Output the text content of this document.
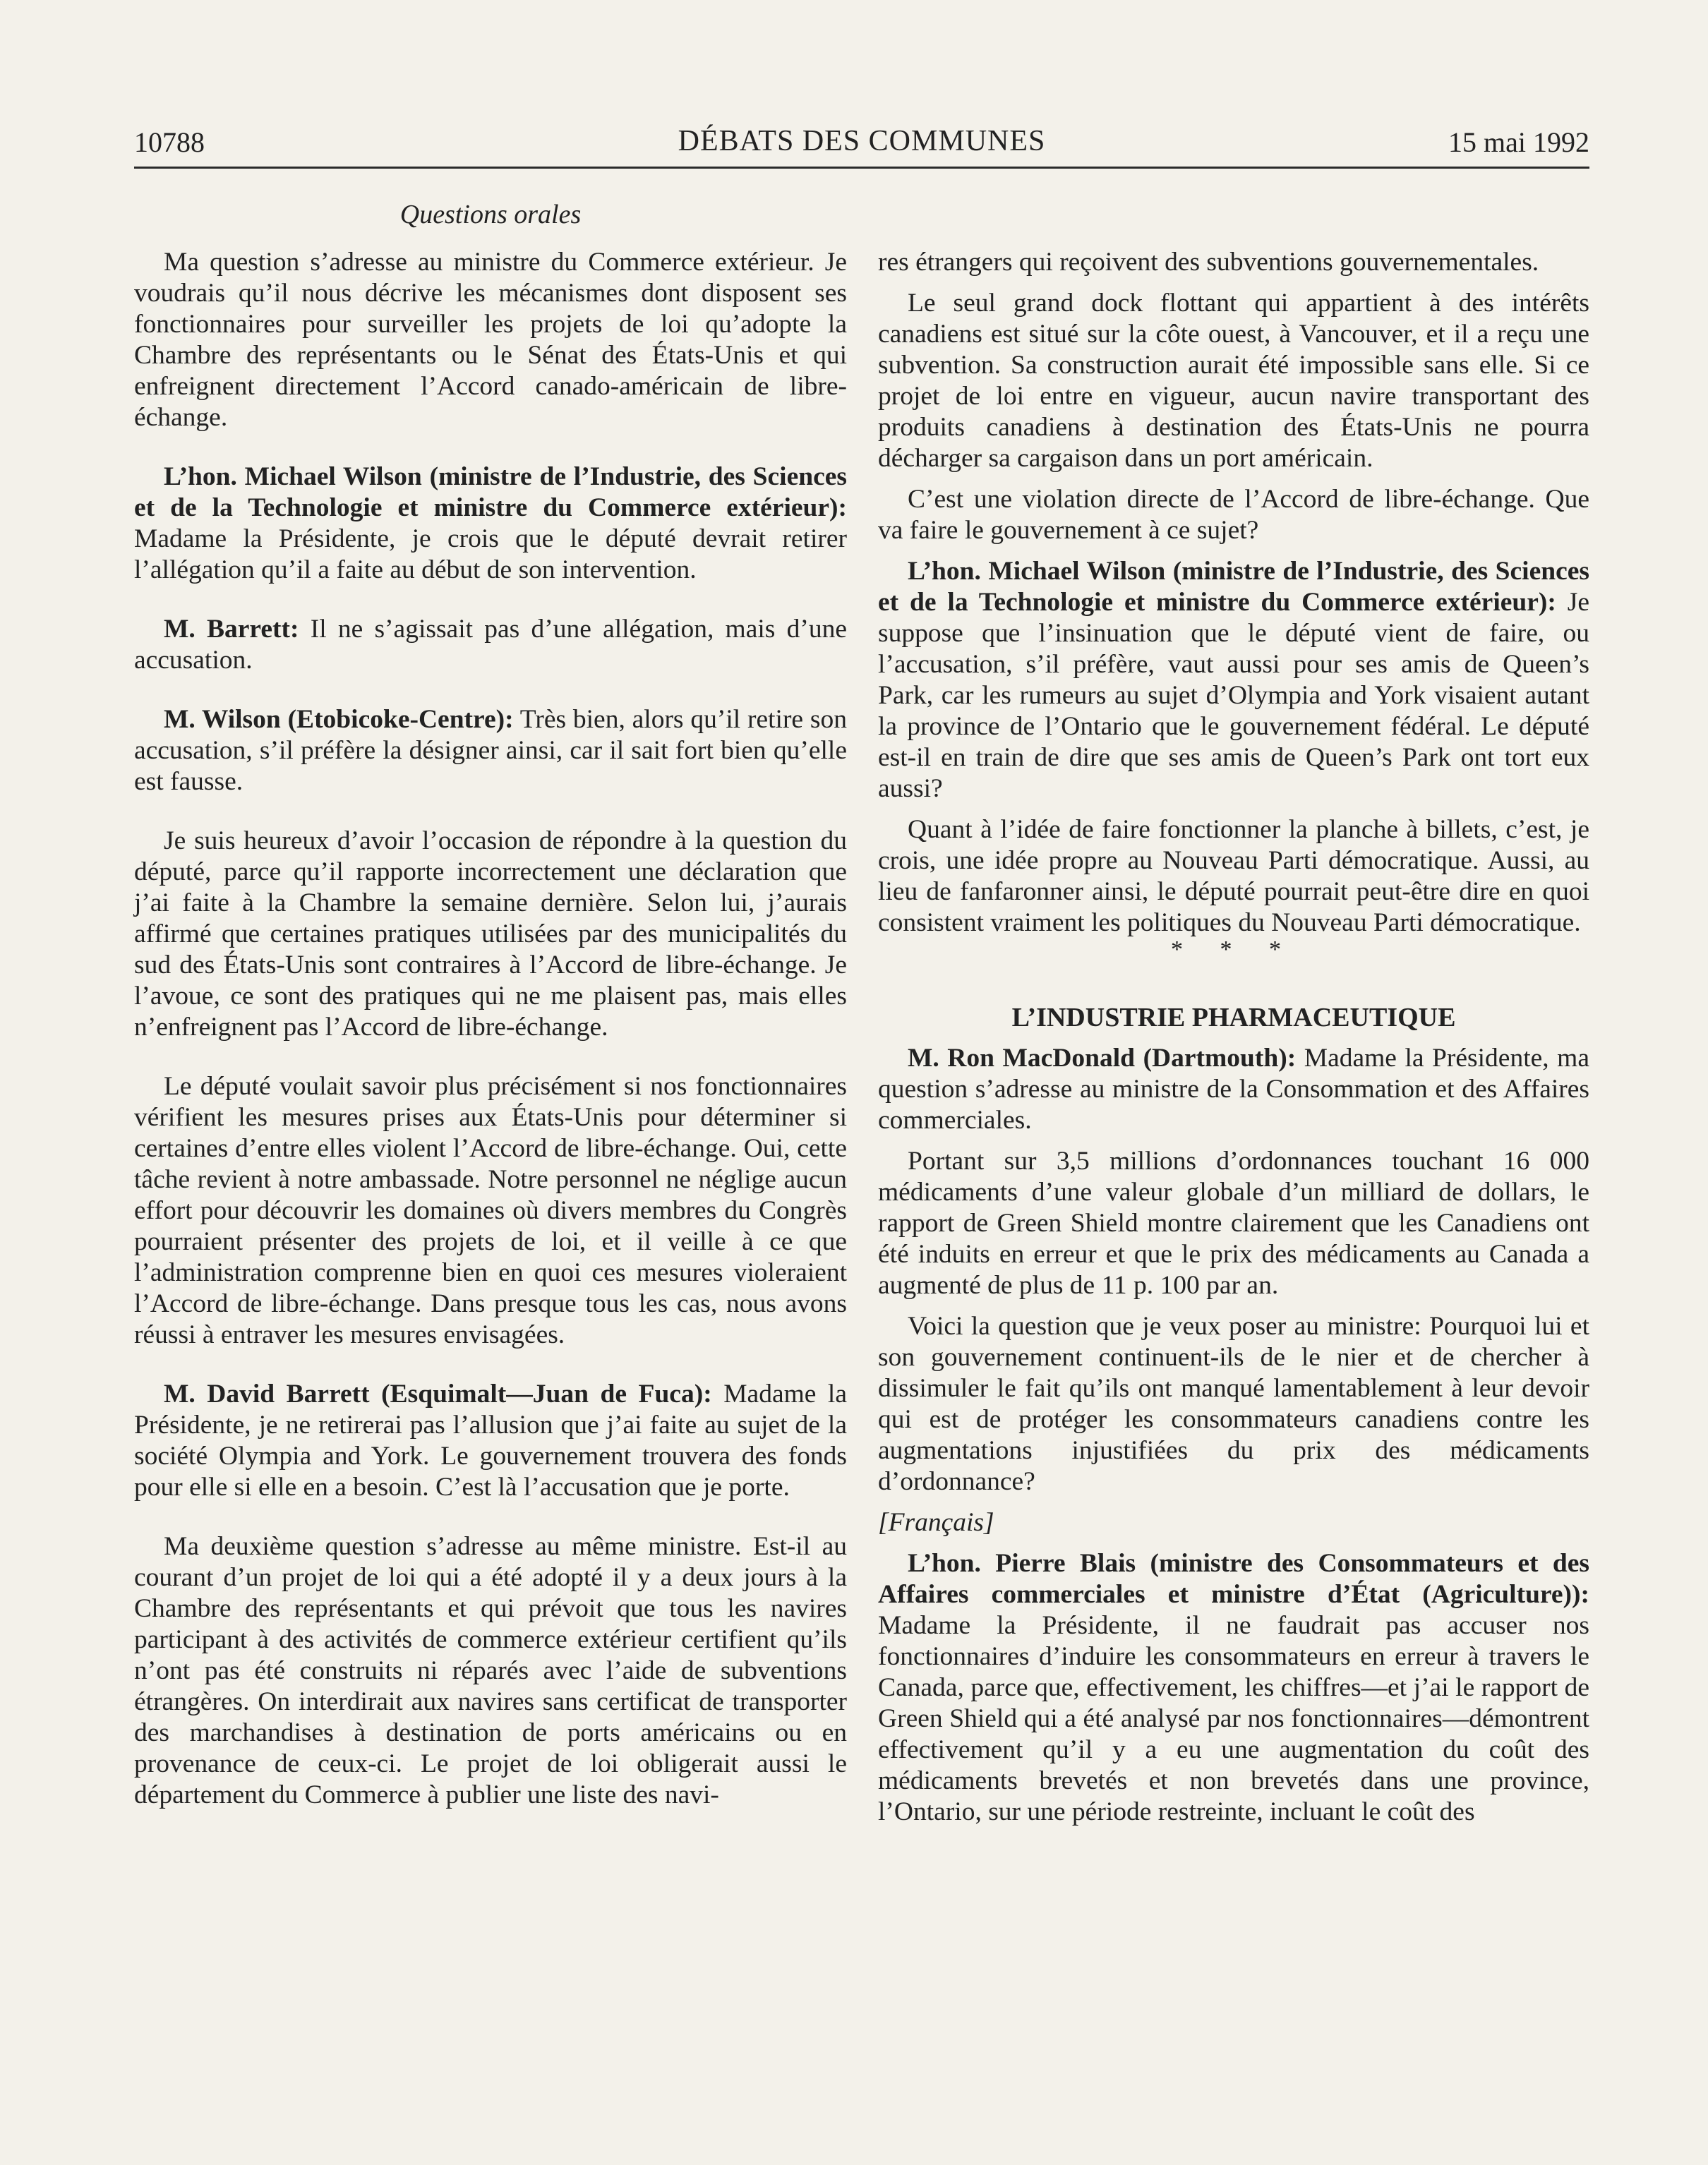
10788	DÉBATS DES COMMUNES	15 mai 1992
Questions orales

Ma question s’adresse au ministre du Commerce extérieur. Je voudrais qu’il nous décrive les mécanismes dont disposent ses fonctionnaires pour surveiller les projets de loi qu’adopte la Chambre des représentants ou le Sénat des États-Unis et qui enfreignent directement l’Accord canado-américain de libre-échange.

L’hon. Michael Wilson (ministre de l’Industrie, des Sciences et de la Technologie et ministre du Commerce extérieur): Madame la Présidente, je crois que le député devrait retirer l’allégation qu’il a faite au début de son intervention.

M. Barrett: Il ne s’agissait pas d’une allégation, mais d’une accusation.

M. Wilson (Etobicoke-Centre): Très bien, alors qu’il retire son accusation, s’il préfère la désigner ainsi, car il sait fort bien qu’elle est fausse.

Je suis heureux d’avoir l’occasion de répondre à la question du député, parce qu’il rapporte incorrectement une déclaration que j’ai faite à la Chambre la semaine dernière. Selon lui, j’aurais affirmé que certaines pratiques utilisées par des municipalités du sud des États-Unis sont contraires à l’Accord de libre-échange. Je l’avoue, ce sont des pratiques qui ne me plaisent pas, mais elles n’enfreignent pas l’Accord de libre-échange.

Le député voulait savoir plus précisément si nos fonctionnaires vérifient les mesures prises aux États-Unis pour déterminer si certaines d’entre elles violent l’Accord de libre-échange. Oui, cette tâche revient à notre ambassade. Notre personnel ne néglige aucun effort pour découvrir les domaines où divers membres du Congrès pourraient présenter des projets de loi, et il veille à ce que l’administration comprenne bien en quoi ces mesures violeraient l’Accord de libre-échange. Dans presque tous les cas, nous avons réussi à entraver les mesures envisagées.

M. David Barrett (Esquimalt—Juan de Fuca): Madame la Présidente, je ne retirerai pas l’allusion que j’ai faite au sujet de la société Olympia and York. Le gouvernement trouvera des fonds pour elle si elle en a besoin. C’est là l’accusation que je porte.

Ma deuxième question s’adresse au même ministre. Est-il au courant d’un projet de loi qui a été adopté il y a deux jours à la Chambre des représentants et qui prévoit que tous les navires participant à des activités de commerce extérieur certifient qu’ils n’ont pas été construits ni réparés avec l’aide de subventions étrangères. On interdirait aux navires sans certificat de transporter des marchandises à destination de ports américains ou en provenance de ceux-ci. Le projet de loi obligerait aussi le département du Commerce à publier une liste des navi-

res étrangers qui reçoivent des subventions gouvernementales.

Le seul grand dock flottant qui appartient à des intérêts canadiens est situé sur la côte ouest, à Vancouver, et il a reçu une subvention. Sa construction aurait été impossible sans elle. Si ce projet de loi entre en vigueur, aucun navire transportant des produits canadiens à destination des États-Unis ne pourra décharger sa cargaison dans un port américain.

C’est une violation directe de l’Accord de libre-échange. Que va faire le gouvernement à ce sujet?

L’hon. Michael Wilson (ministre de l’Industrie, des Sciences et de la Technologie et ministre du Commerce extérieur): Je suppose que l’insinuation que le député vient de faire, ou l’accusation, s’il préfère, vaut aussi pour ses amis de Queen’s Park, car les rumeurs au sujet d’Olympia and York visaient autant la province de l’Ontario que le gouvernement fédéral. Le député est-il en train de dire que ses amis de Queen’s Park ont tort eux aussi?

Quant à l’idée de faire fonctionner la planche à billets, c’est, je crois, une idée propre au Nouveau Parti démocratique. Aussi, au lieu de fanfaronner ainsi, le député pourrait peut-être dire en quoi consistent vraiment les politiques du Nouveau Parti démocratique.

* * *
L’INDUSTRIE PHARMACEUTIQUE

M. Ron MacDonald (Dartmouth): Madame la Présidente, ma question s’adresse au ministre de la Consommation et des Affaires commerciales.

Portant sur 3,5 millions d’ordonnances touchant 16 000 médicaments d’une valeur globale d’un milliard de dollars, le rapport de Green Shield montre clairement que les Canadiens ont été induits en erreur et que le prix des médicaments au Canada a augmenté de plus de 11 p. 100 par an.

Voici la question que je veux poser au ministre: Pourquoi lui et son gouvernement continuent-ils de le nier et de chercher à dissimuler le fait qu’ils ont manqué lamentablement à leur devoir qui est de protéger les consommateurs canadiens contre les augmentations injustifiées du prix des médicaments d’ordonnance?

[Français]

L’hon. Pierre Blais (ministre des Consommateurs et des Affaires commerciales et ministre d’État (Agriculture)): Madame la Présidente, il ne faudrait pas accuser nos fonctionnaires d’induire les consommateurs en erreur à travers le Canada, parce que, effectivement, les chiffres—et j’ai le rapport de Green Shield qui a été analysé par nos fonctionnaires—démontrent effectivement qu’il y a eu une augmentation du coût des médicaments brevetés et non brevetés dans une province, l’Ontario, sur une période restreinte, incluant le coût des
